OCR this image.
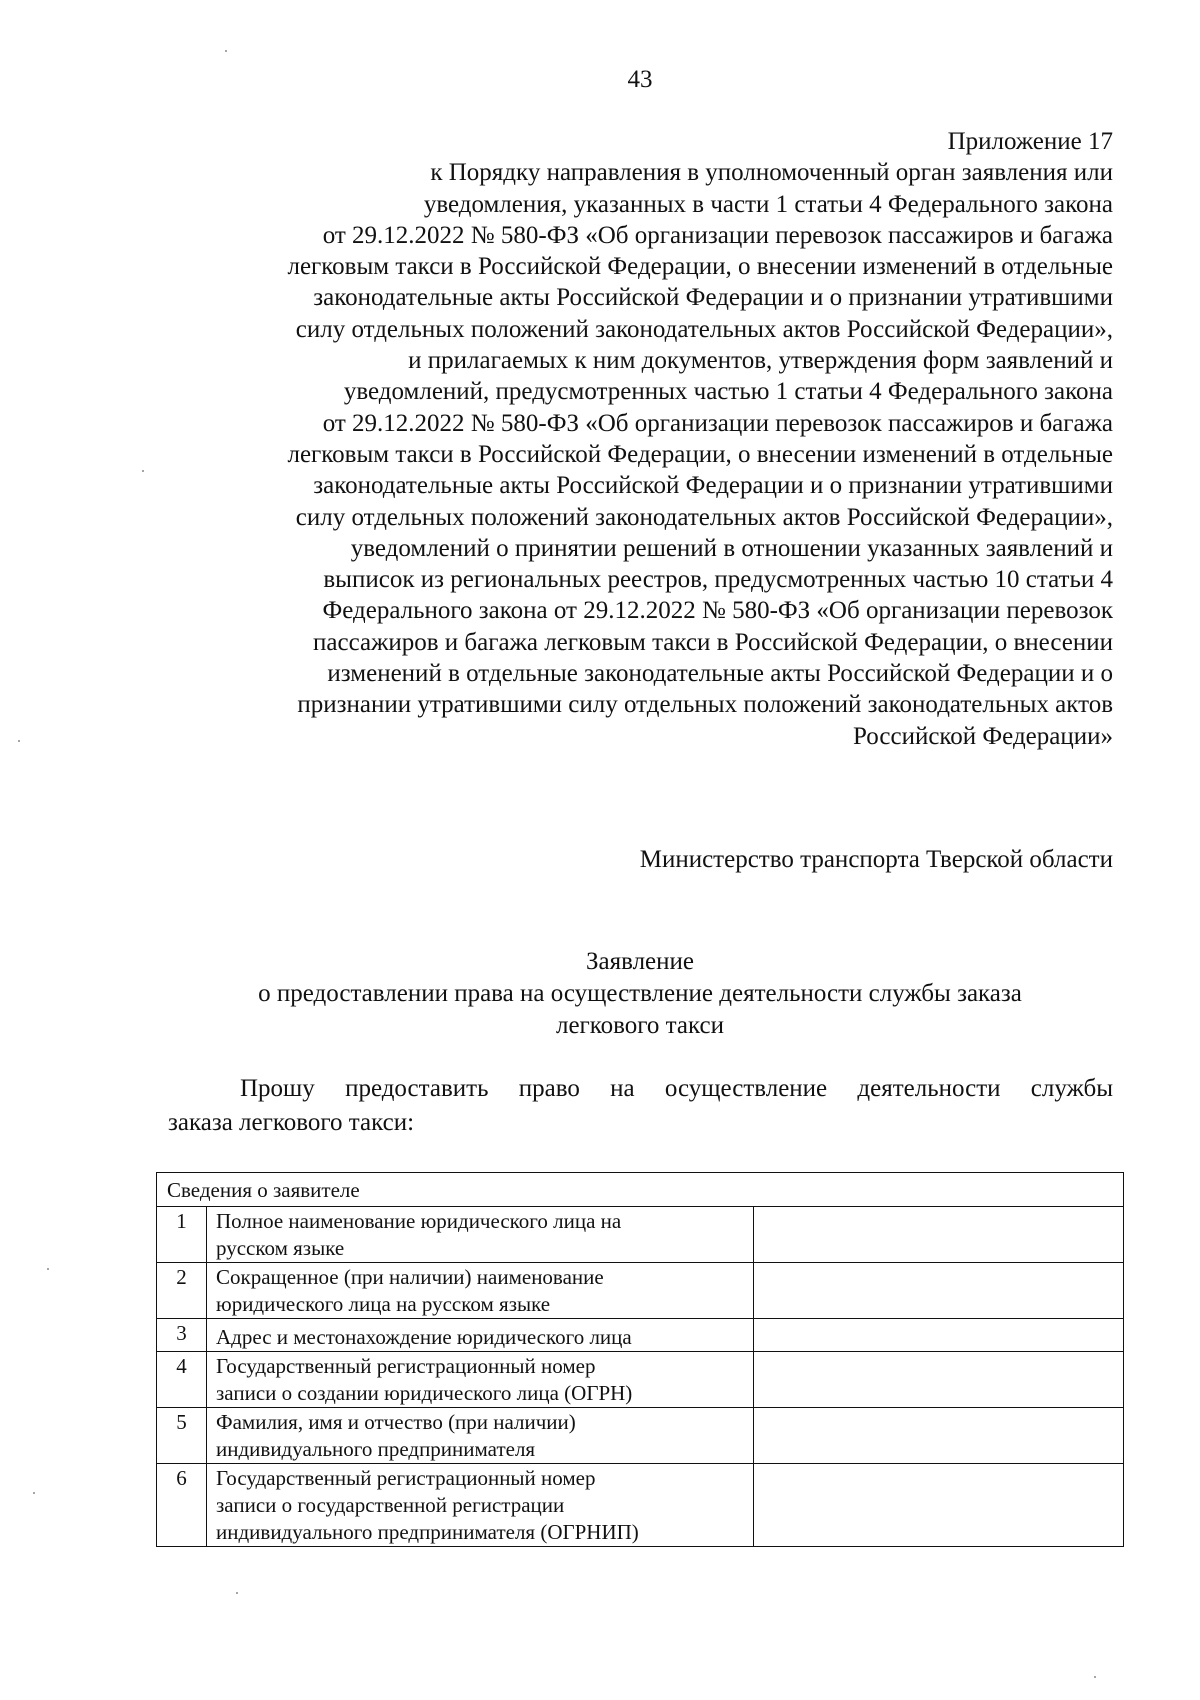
43
Приложение 17
к Порядку направления в уполномоченный орган заявления или
уведомления, указанных в части 1 статьи 4 Федерального закона
от 29.12.2022 № 580-ФЗ «Об организации перевозок пассажиров и багажа
легковым такси в Российской Федерации, о внесении изменений в отдельные
законодательные акты Российской Федерации и о признании утратившими
силу отдельных положений законодательных актов Российской Федерации»,
и прилагаемых к ним документов, утверждения форм заявлений и
уведомлений, предусмотренных частью 1 статьи 4 Федерального закона
от 29.12.2022 № 580-ФЗ «Об организации перевозок пассажиров и багажа
легковым такси в Российской Федерации, о внесении изменений в отдельные
законодательные акты Российской Федерации и о признании утратившими
силу отдельных положений законодательных актов Российской Федерации»,
уведомлений о принятии решений в отношении указанных заявлений и
выписок из региональных реестров, предусмотренных частью 10 статьи 4
Федерального закона от 29.12.2022 № 580-ФЗ «Об организации перевозок
пассажиров и багажа легковым такси в Российской Федерации, о внесении
изменений в отдельные законодательные акты Российской Федерации и о
признании утратившими силу отдельных положений законодательных актов
Российской Федерации»
Министерство транспорта Тверской области
Заявление
о предоставлении права на осуществление деятельности службы заказа
легкового такси
Прошу предоставить право на осуществление деятельности службы
заказа легкового такси:
Сведения о заявителе		
1	Полное наименование юридического лица на
русском языке	

2	Сокращенное (при наличии) наименование
юридического лица на русском языке	

3	Адрес и местонахождение юридического лица	

4	Государственный регистрационный номер
записи о создании юридического лица (ОГРН)	

5	Фамилия, имя и отчество (при наличии)
индивидуального предпринимателя	

6	Государственный регистрационный номер
записи о государственной регистрации
индивидуального предпринимателя (ОГРНИП)	
